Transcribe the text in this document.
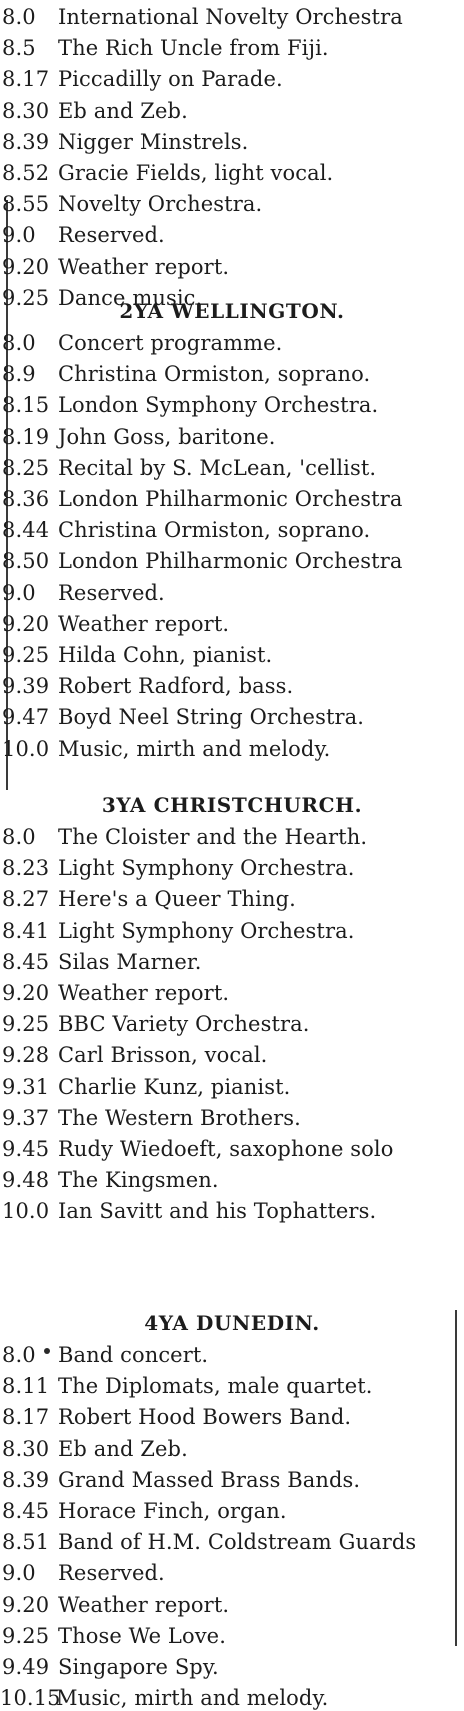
8.0 International Novelty Orchestra
8.5 The Rich Uncle from Fiji.
8.17 Piccadilly on Parade.
8.30 Eb and Zeb.
8.39 Nigger Minstrels.
8.52 Gracie Fields, light vocal.
8.55 Novelty Orchestra.
9.0 Reserved.
9.20 Weather report.
9.25 Dance music.
2YA WELLINGTON.
8.0 Concert programme.
8.9 Christina Ormiston, soprano.
8.15 London Symphony Orchestra.
8.19 John Goss, baritone.
8.25 Recital by S. McLean, 'cellist.
8.36 London Philharmonic Orchestra
8.44 Christina Ormiston, soprano.
8.50 London Philharmonic Orchestra
9.0 Reserved.
9.20 Weather report.
9.25 Hilda Cohn, pianist.
9.39 Robert Radford, bass.
9.47 Boyd Neel String Orchestra.
10.0 Music, mirth and melody.
3YA CHRISTCHURCH.
8.0 The Cloister and the Hearth.
8.23 Light Symphony Orchestra.
8.27 Here's a Queer Thing.
8.41 Light Symphony Orchestra.
8.45 Silas Marner.
9.20 Weather report.
9.25 BBC Variety Orchestra.
9.28 Carl Brisson, vocal.
9.31 Charlie Kunz, pianist.
9.37 The Western Brothers.
9.45 Rudy Wiedoeft, saxophone solo
9.48 The Kingsmen.
10.0 Ian Savitt and his Tophatters.
4YA DUNEDIN.
8.0 Band concert.
8.11 The Diplomats, male quartet.
8.17 Robert Hood Bowers Band.
8.30 Eb and Zeb.
8.39 Grand Massed Brass Bands.
8.45 Horace Finch, organ.
8.51 Band of H.M. Coldstream Guards
9.0 Reserved.
9.20 Weather report.
9.25 Those We Love.
9.49 Singapore Spy.
10.15Music, mirth and melody.
